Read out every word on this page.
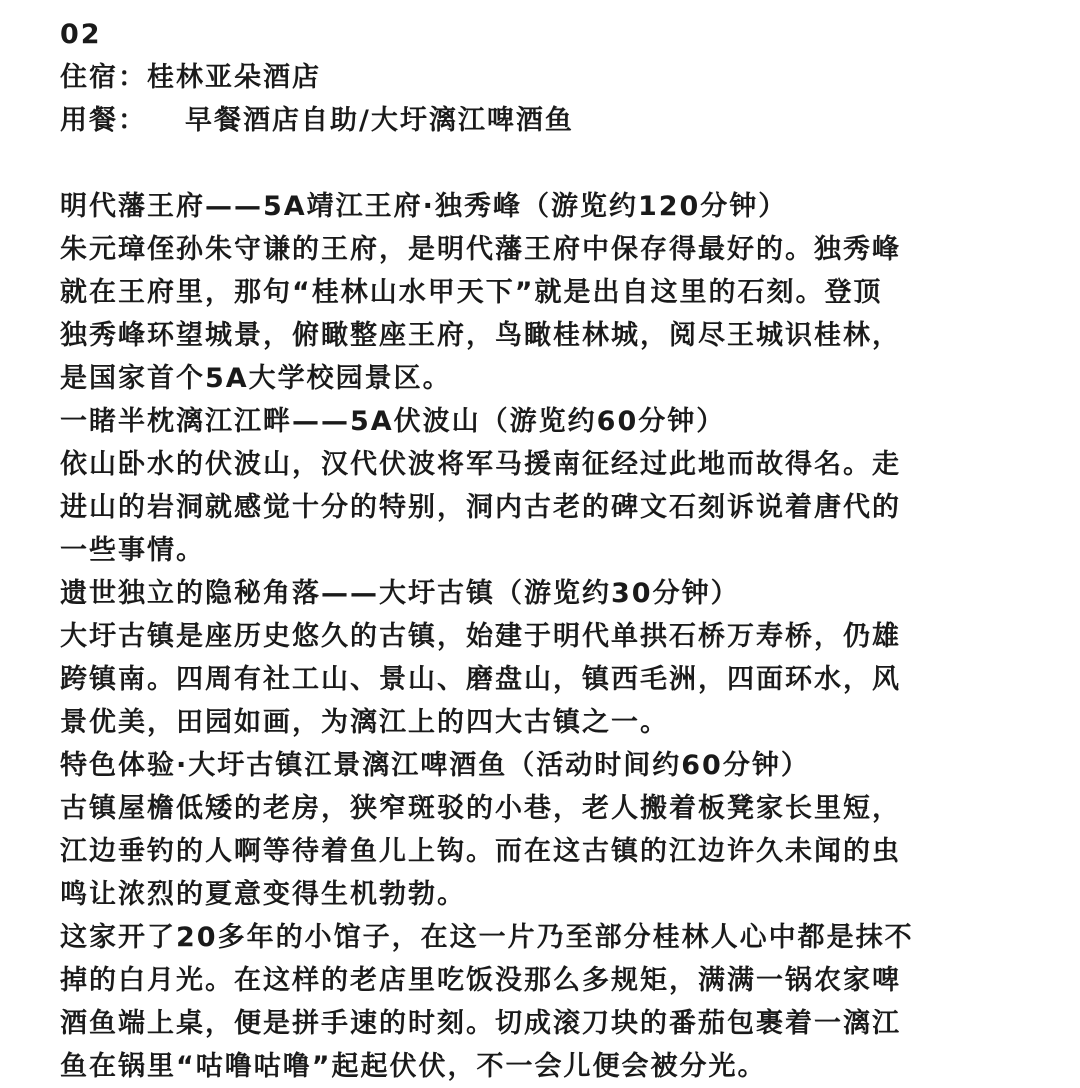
02
住宿：桂林亚朵酒店
用餐： 早餐酒店自助/大圩漓江啤酒鱼
明代藩王府——5A靖江王府·独秀峰（游览约120分钟）
朱元璋侄孙朱守谦的王府，是明代藩王府中保存得最好的。独秀峰
就在王府里，那句“桂林山水甲天下”就是出自这里的石刻。登顶
独秀峰环望城景，俯瞰整座王府，鸟瞰桂林城，阅尽王城识桂林，
是国家首个5A大学校园景区。
一睹半枕漓江江畔——5A伏波山（游览约60分钟）
依山卧水的伏波山，汉代伏波将军马援南征经过此地而故得名。走
进山的岩洞就感觉十分的特别，洞内古老的碑文石刻诉说着唐代的
一些事情。
遗世独立的隐秘角落——大圩古镇（游览约30分钟）
大圩古镇是座历史悠久的古镇，始建于明代单拱石桥万寿桥，仍雄
跨镇南。四周有社工山、景山、磨盘山，镇西毛洲，四面环水，风
景优美，田园如画，为漓江上的四大古镇之一。
特色体验·大圩古镇江景漓江啤酒鱼（活动时间约60分钟）
古镇屋檐低矮的老房，狭窄斑驳的小巷，老人搬着板凳家长里短，
江边垂钓的人啊等待着鱼儿上钩。而在这古镇的江边许久未闻的虫
鸣让浓烈的夏意变得生机勃勃。
这家开了20多年的小馆子，在这一片乃至部分桂林人心中都是抹不
掉的白月光。在这样的老店里吃饭没那么多规矩，满满一锅农家啤
酒鱼端上桌，便是拼手速的时刻。切成滚刀块的番茄包裹着一漓江
鱼在锅里“咕噜咕噜”起起伏伏，不一会儿便会被分光。
